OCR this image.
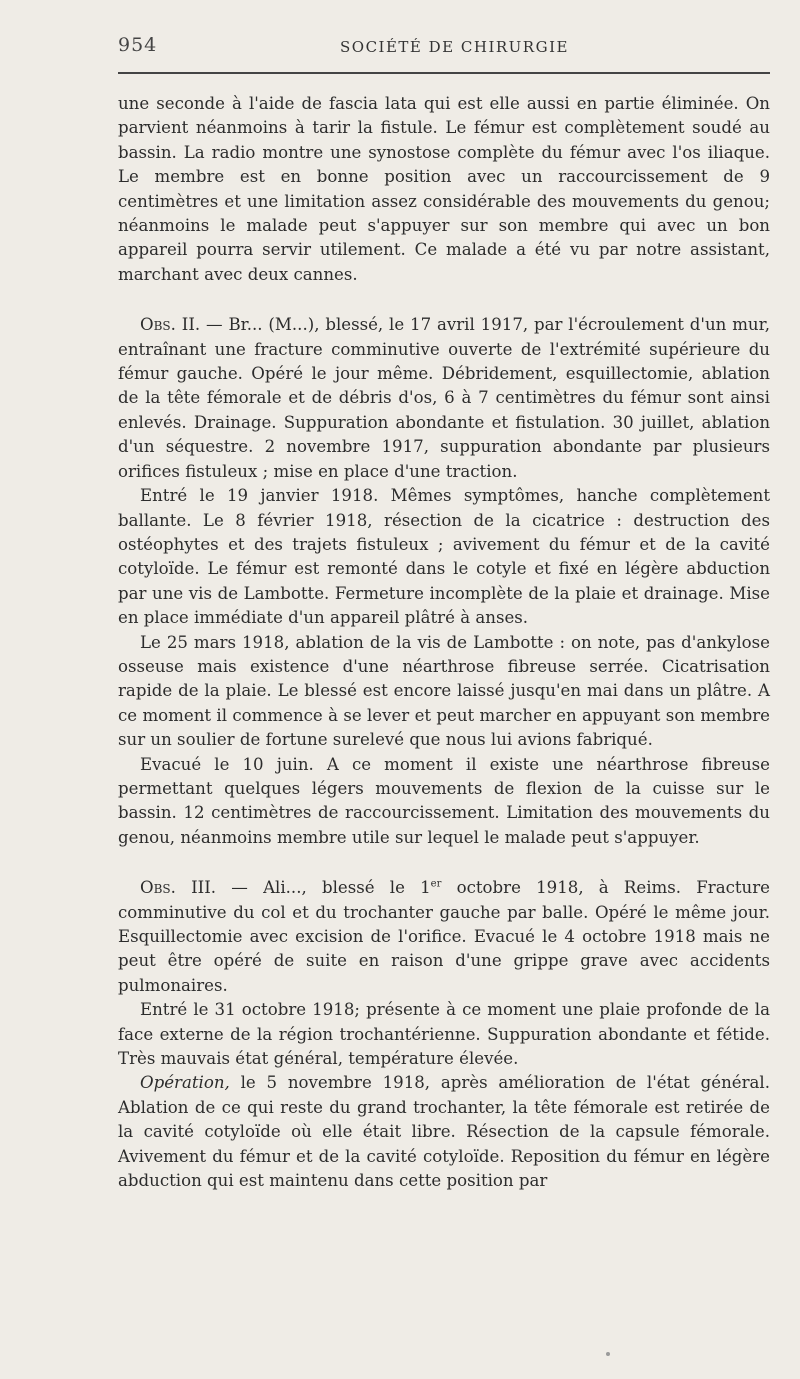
954	SOCIÉTÉ DE CHIRURGIE

une seconde à l'aide de fascia lata qui est elle aussi en partie éliminée. On parvient néanmoins à tarir la fistule. Le fémur est complètement soudé au bassin. La radio montre une synostose complète du fémur avec l'os iliaque. Le membre est en bonne position avec un raccourcissement de 9 centimètres et une limitation assez considérable des mouvements du genou; néanmoins le malade peut s'appuyer sur son membre qui avec un bon appareil pourra servir utilement. Ce malade a été vu par notre assistant, marchant avec deux cannes.

Obs. II. — Br... (M...), blessé, le 17 avril 1917, par l'écroulement d'un mur, entraînant une fracture comminutive ouverte de l'extrémité supérieure du fémur gauche. Opéré le jour même. Débridement, esquillectomie, ablation de la tête fémorale et de débris d'os, 6 à 7 centimètres du fémur sont ainsi enlevés. Drainage. Suppuration abondante et fistulation. 30 juillet, ablation d'un séquestre. 2 novembre 1917, suppuration abondante par plusieurs orifices fistuleux ; mise en place d'une traction.

Entré le 19 janvier 1918. Mêmes symptômes, hanche complètement ballante. Le 8 février 1918, résection de la cicatrice : destruction des ostéophytes et des trajets fistuleux ; avivement du fémur et de la cavité cotyloïde. Le fémur est remonté dans le cotyle et fixé en légère abduction par une vis de Lambotte. Fermeture incomplète de la plaie et drainage. Mise en place immédiate d'un appareil plâtré à anses.

Le 25 mars 1918, ablation de la vis de Lambotte : on note, pas d'ankylose osseuse mais existence d'une néarthrose fibreuse serrée. Cicatrisation rapide de la plaie. Le blessé est encore laissé jusqu'en mai dans un plâtre. A ce moment il commence à se lever et peut marcher en appuyant son membre sur un soulier de fortune surelevé que nous lui avions fabriqué.

Evacué le 10 juin. A ce moment il existe une néarthrose fibreuse permettant quelques légers mouvements de flexion de la cuisse sur le bassin. 12 centimètres de raccourcissement. Limitation des mouvements du genou, néanmoins membre utile sur lequel le malade peut s'appuyer.

Obs. III. — Ali..., blessé le 1er octobre 1918, à Reims. Fracture comminutive du col et du trochanter gauche par balle. Opéré le même jour. Esquillectomie avec excision de l'orifice. Evacué le 4 octobre 1918 mais ne peut être opéré de suite en raison d'une grippe grave avec accidents pulmonaires.

Entré le 31 octobre 1918; présente à ce moment une plaie profonde de la face externe de la région trochantérienne. Suppuration abondante et fétide. Très mauvais état général, température élevée.

Opération, le 5 novembre 1918, après amélioration de l'état général. Ablation de ce qui reste du grand trochanter, la tête fémorale est retirée de la cavité cotyloïde où elle était libre. Résection de la capsule fémorale. Avivement du fémur et de la cavité cotyloïde. Reposition du fémur en légère abduction qui est maintenu dans cette position par
